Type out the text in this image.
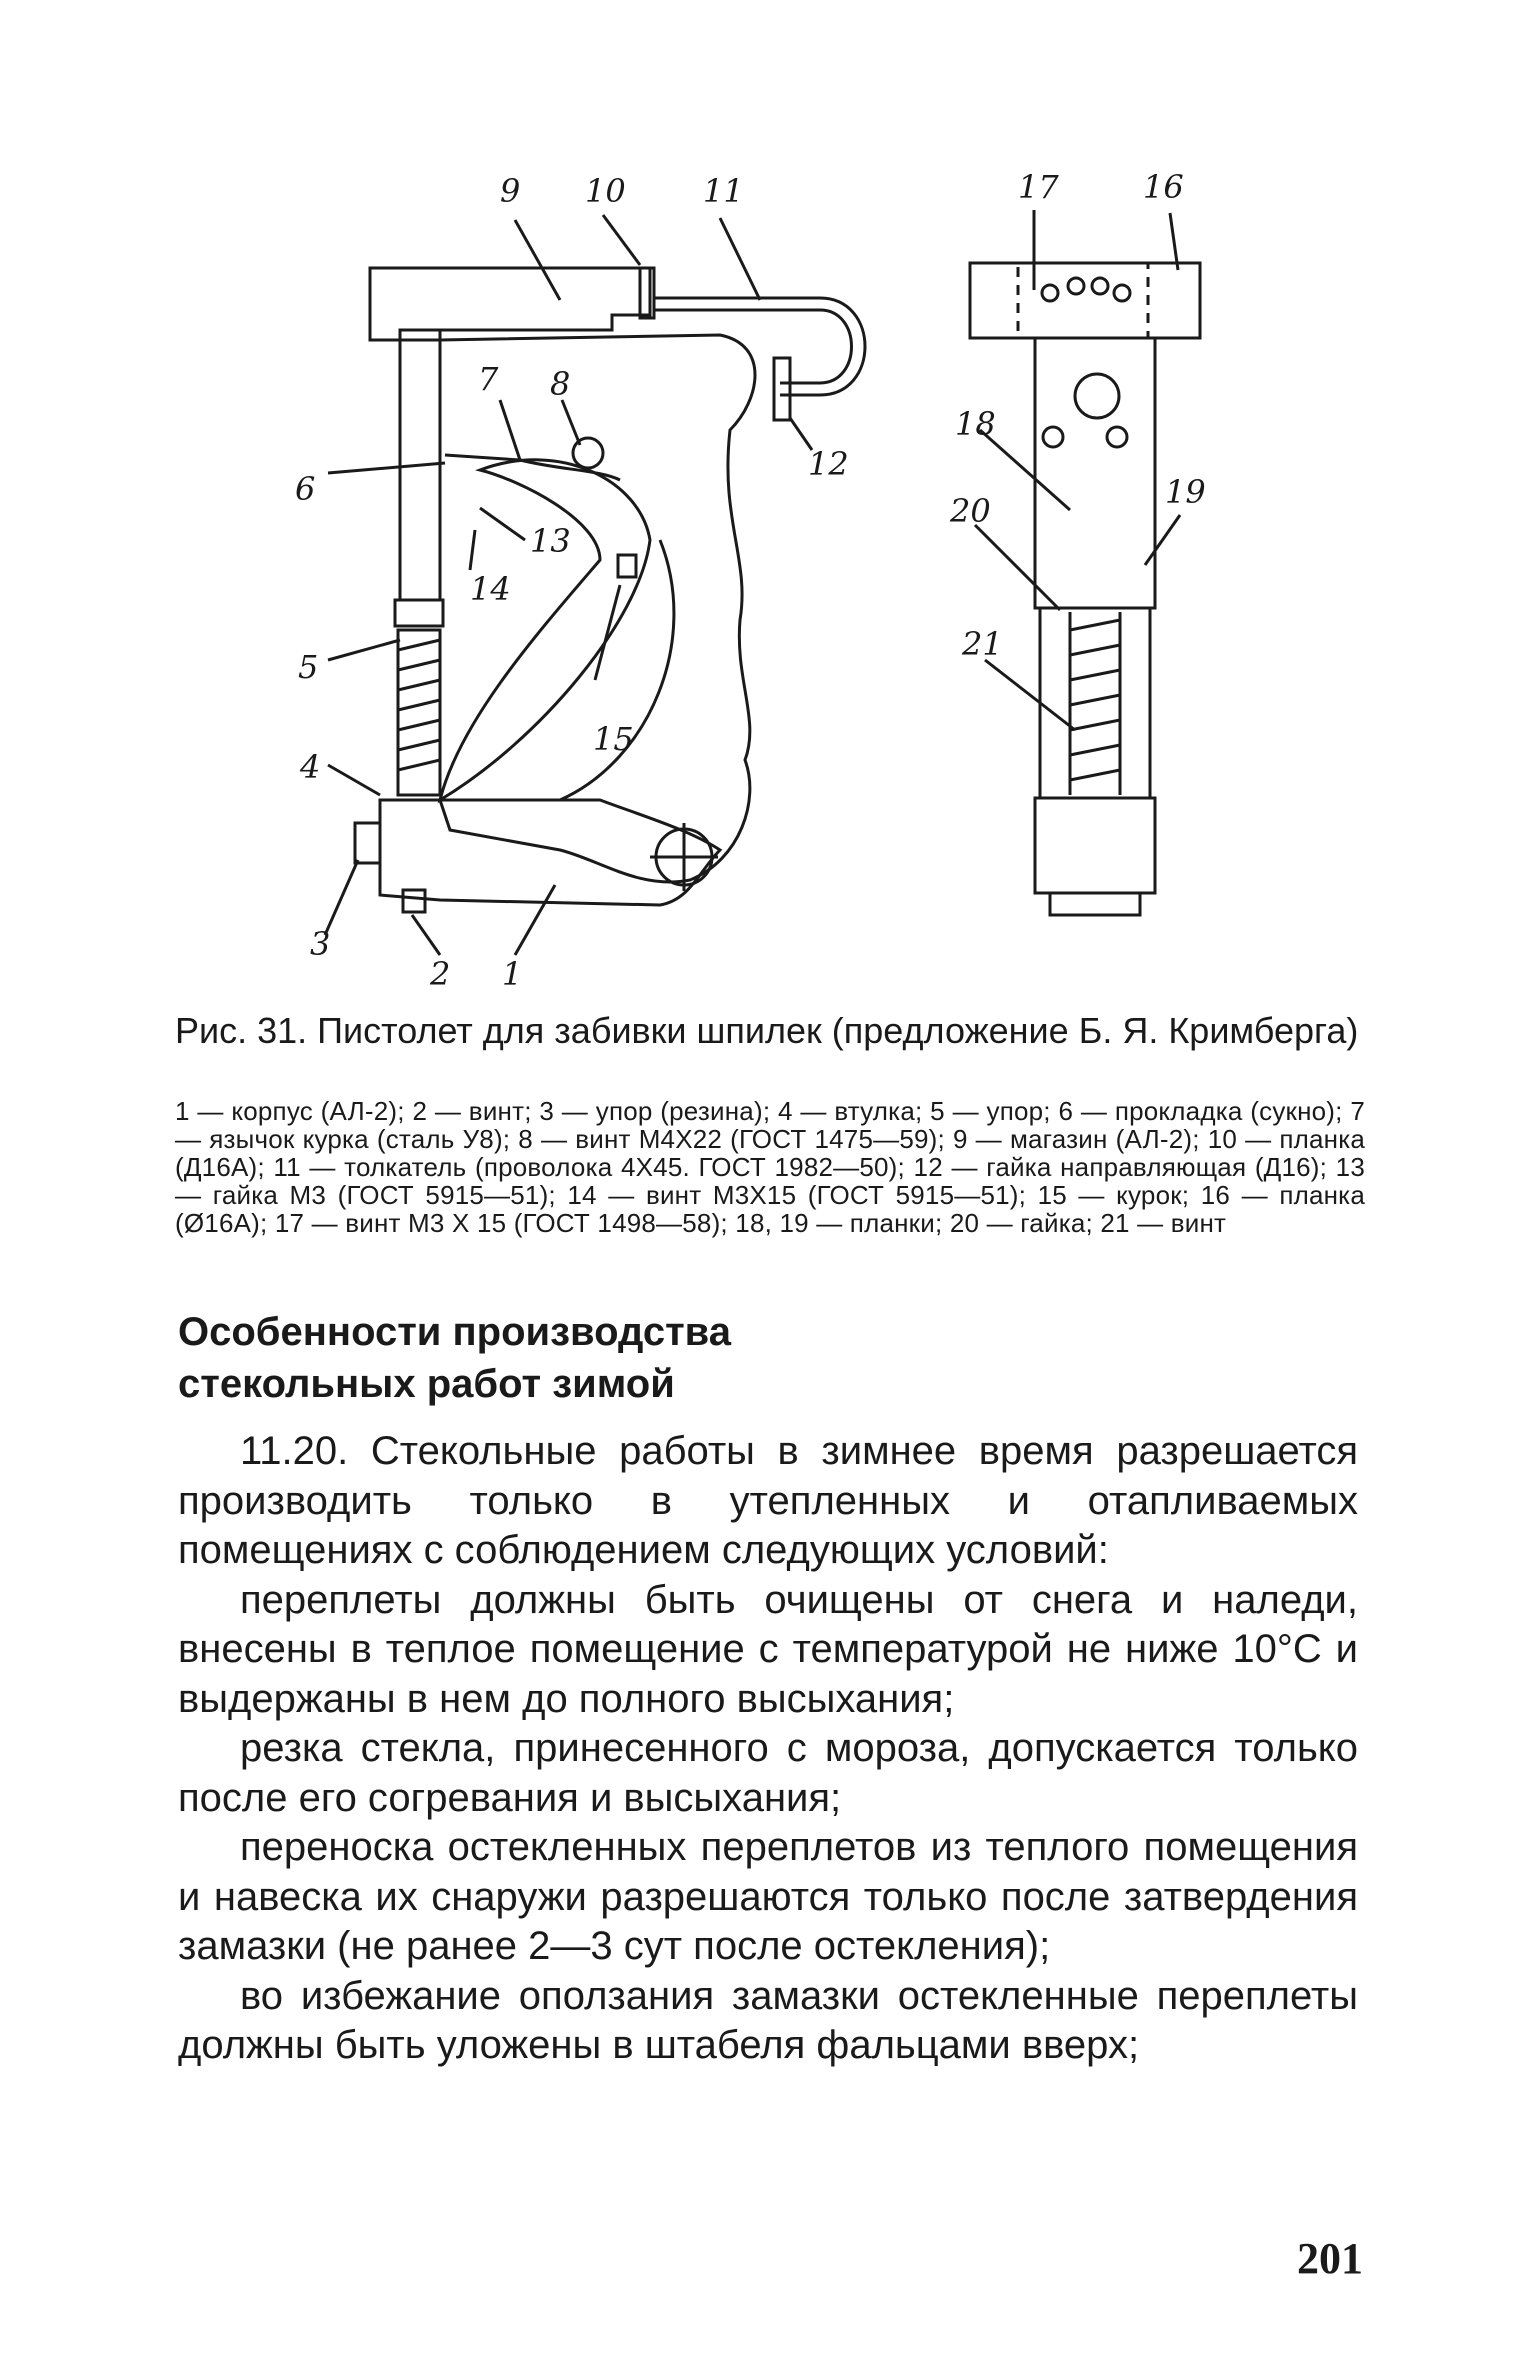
9 10 11	17	16
7 8
18
12
6	19
20
13
14
21
5
15
4
3
2 1
Рис. 31. Пистолет для забивки шпилек (предложение Б. Я. Кримберга)

1 — корпус (АЛ-2); 2 — винт; 3 — упор (резина); 4 — втулка; 5 — упор; 6 — прокладка (сукно); 7 — язычок курка (сталь У8); 8 — винт М4Х22 (ГОСТ 1475—59); 9 — магазин (АЛ-2); 10 — планка (Д16А); 11 — толкатель (проволока 4Х45. ГОСТ 1982—50); 12 — гайка направляющая (Д16); 13 — гайка М3 (ГОСТ 5915—51); 14 — винт М3Х15 (ГОСТ 5915—51); 15 — курок; 16 — планка (Ø16А); 17 — винт М3 Х 15 (ГОСТ 1498—58); 18, 19 — планки; 20 — гайка; 21 — винт

Особенности производства
стекольных работ зимой

11.20. Стекольные работы в зимнее время разрешается производить только в утепленных и отапливаемых помещениях с соблюдением следующих условий:

переплеты должны быть очищены от снега и наледи, внесены в теплое помещение с температурой не ниже 10°С и выдержаны в нем до полного высыхания;

резка стекла, принесенного с мороза, допускается только после его согревания и высыхания;

переноска остекленных переплетов из теплого помещения и навеска их снаружи разрешаются только после затвердения замазки (не ранее 2—3 сут после остекления);

во избежание оползания замазки остекленные переплеты должны быть уложены в штабеля фальцами вверх;

201
